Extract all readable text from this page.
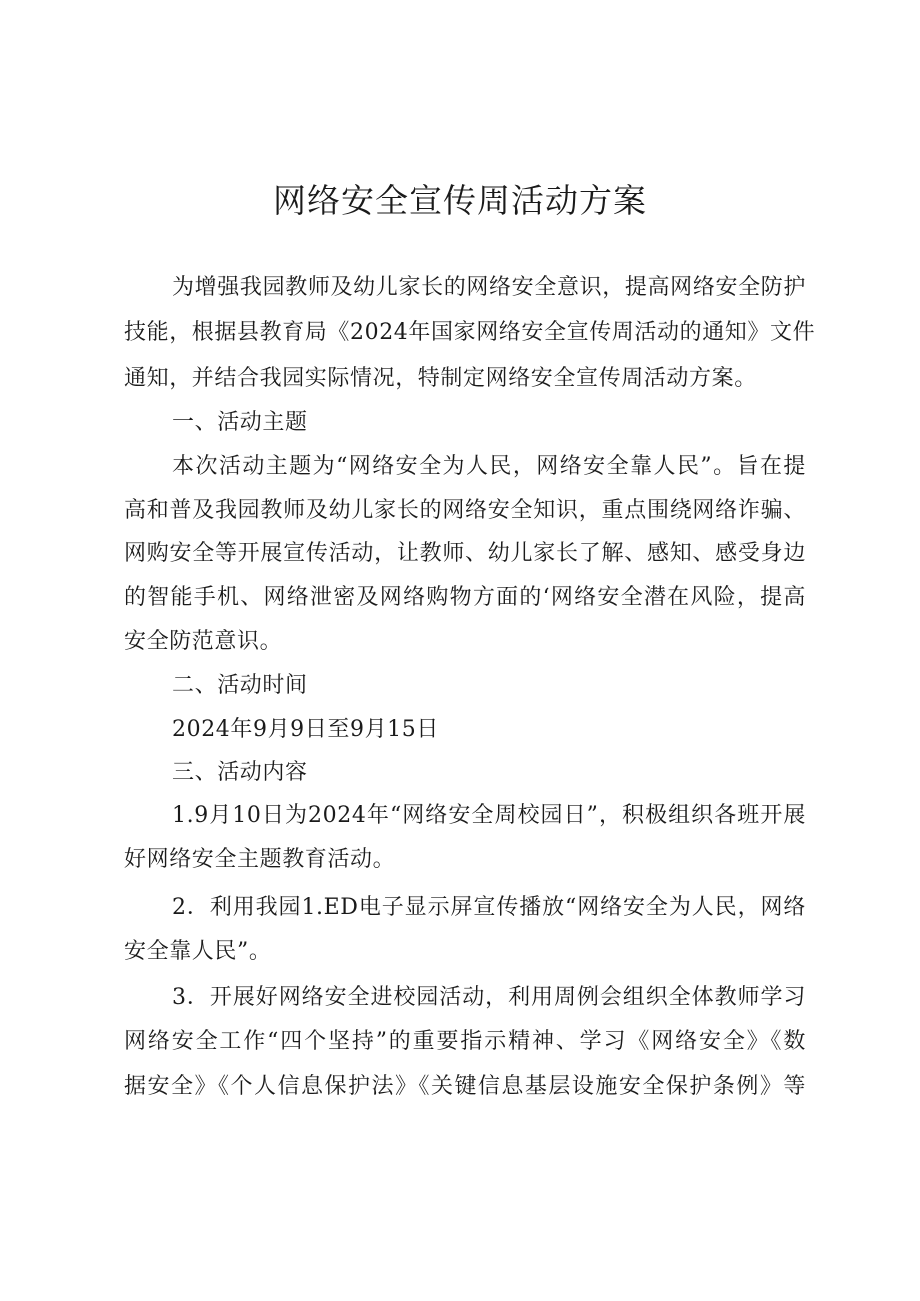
网络安全宣传周活动方案
为增强我园教师及幼儿家长的网络安全意识，提高网络安全防护
技能，根据县教育局《2024年国家网络安全宣传周活动的通知》文件
通知，并结合我园实际情况，特制定网络安全宣传周活动方案。
一、活动主题
本次活动主题为“网络安全为人民，网络安全靠人民”。旨在提
高和普及我园教师及幼儿家长的网络安全知识，重点围绕网络诈骗、
网购安全等开展宣传活动，让教师、幼儿家长了解、感知、感受身边
的智能手机、网络泄密及网络购物方面的‘网络安全潜在风险，提高
安全防范意识。
二、活动时间
2024年9月9日至9月15日
三、活动内容
1.9月10日为2024年“网络安全周校园日”，积极组织各班开展
好网络安全主题教育活动。
2．利用我园1.ED电子显示屏宣传播放“网络安全为人民，网络
安全靠人民”。
3．开展好网络安全进校园活动，利用周例会组织全体教师学习
网络安全工作“四个坚持”的重要指示精神、学习《网络安全》《数
据安全》《个人信息保护法》《关键信息基层设施安全保护条例》等
